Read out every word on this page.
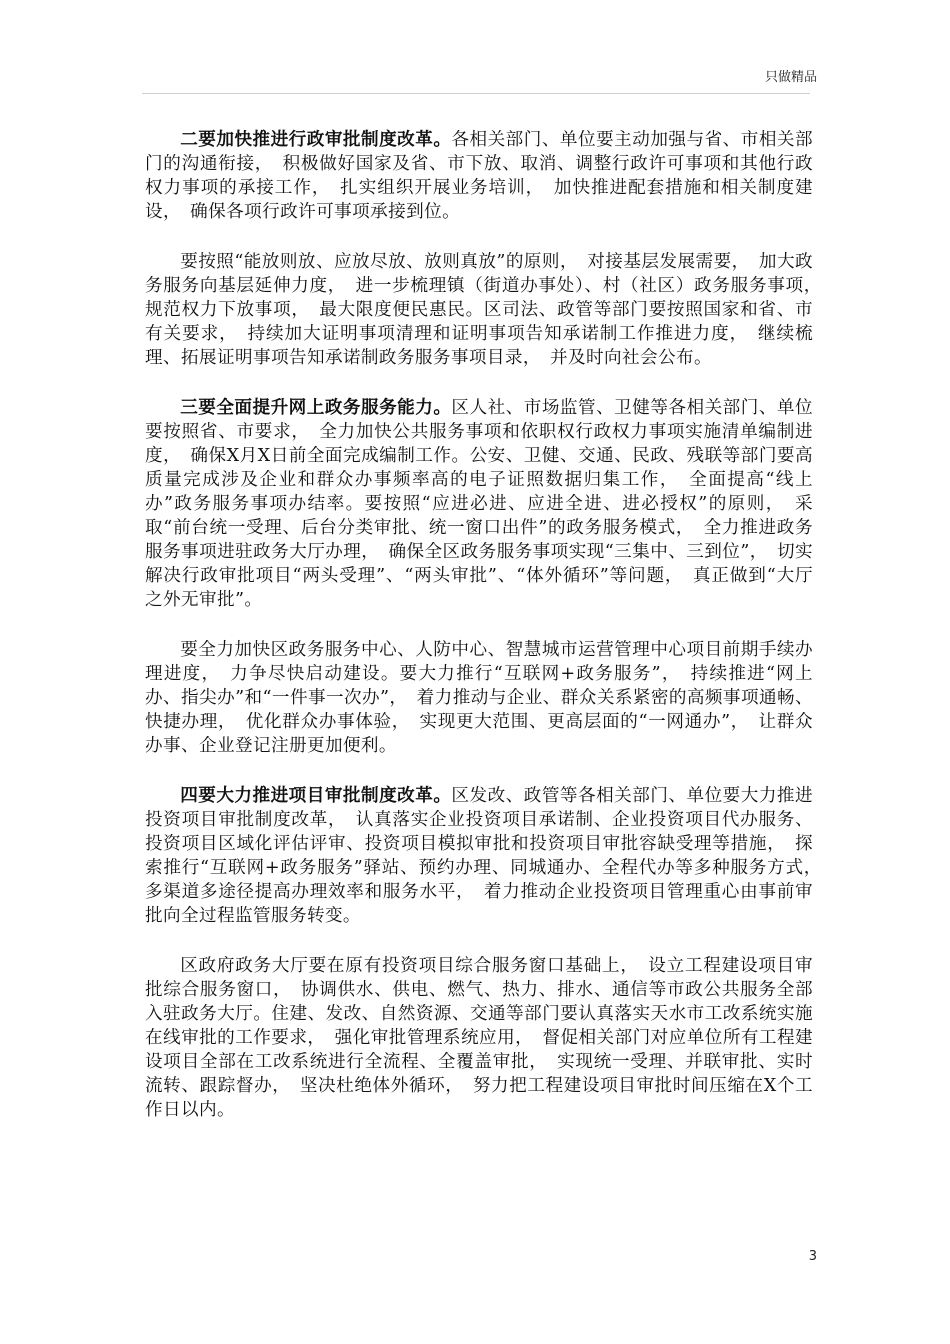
只做精品

二要加快推进行政审批制度改革。各相关部门、单位要主动加强与省、市相关部门的沟通衔接，　积极做好国家及省、市下放、取消、调整行政许可事项和其他行政权力事项的承接工作，　扎实组织开展业务培训，　加快推进配套措施和相关制度建设，　确保各项行政许可事项承接到位。

要按照“能放则放、应放尽放、放则真放”的原则，　对接基层发展需要，　加大政务服务向基层延伸力度，　进一步梳理镇（街道办事处）、村（社区）政务服务事项，　规范权力下放事项，　最大限度便民惠民。区司法、政管等部门要按照国家和省、市有关要求，　持续加大证明事项清理和证明事项告知承诺制工作推进力度，　继续梳理、拓展证明事项告知承诺制政务服务事项目录，　并及时向社会公布。

三要全面提升网上政务服务能力。区人社、市场监管、卫健等各相关部门、单位要按照省、市要求，　全力加快公共服务事项和依职权行政权力事项实施清单编制进度，　确保X月X日前全面完成编制工作。公安、卫健、交通、民政、残联等部门要高质量完成涉及企业和群众办事频率高的电子证照数据归集工作，　全面提高“线上办”政务服务事项办结率。要按照“应进必进、应进全进、进必授权”的原则，　采取“前台统一受理、后台分类审批、统一窗口出件”的政务服务模式，　全力推进政务服务事项进驻政务大厅办理，　确保全区政务服务事项实现“三集中、三到位”，　切实解决行政审批项目“两头受理”、“两头审批”、“体外循环”等问题，　真正做到“大厅之外无审批”。

要全力加快区政务服务中心、人防中心、智慧城市运营管理中心项目前期手续办理进度，　力争尽快启动建设。要大力推行“互联网+政务服务”，　持续推进“网上办、指尖办”和“一件事一次办”，　着力推动与企业、群众关系紧密的高频事项通畅、快捷办理，　优化群众办事体验，　实现更大范围、更高层面的“一网通办”，　让群众办事、企业登记注册更加便利。

四要大力推进项目审批制度改革。区发改、政管等各相关部门、单位要大力推进投资项目审批制度改革，　认真落实企业投资项目承诺制、企业投资项目代办服务、投资项目区域化评估评审、投资项目模拟审批和投资项目审批容缺受理等措施，　探索推行“互联网+政务服务”驿站、预约办理、同城通办、全程代办等多种服务方式，　多渠道多途径提高办理效率和服务水平，　着力推动企业投资项目管理重心由事前审批向全过程监管服务转变。

区政府政务大厅要在原有投资项目综合服务窗口基础上，　设立工程建设项目审批综合服务窗口，　协调供水、供电、燃气、热力、排水、通信等市政公共服务全部入驻政务大厅。住建、发改、自然资源、交通等部门要认真落实天水市工改系统实施在线审批的工作要求，　强化审批管理系统应用，　督促相关部门对应单位所有工程建设项目全部在工改系统进行全流程、全覆盖审批，　实现统一受理、并联审批、实时流转、跟踪督办，　坚决杜绝体外循环，　努力把工程建设项目审批时间压缩在X个工作日以内。

3
